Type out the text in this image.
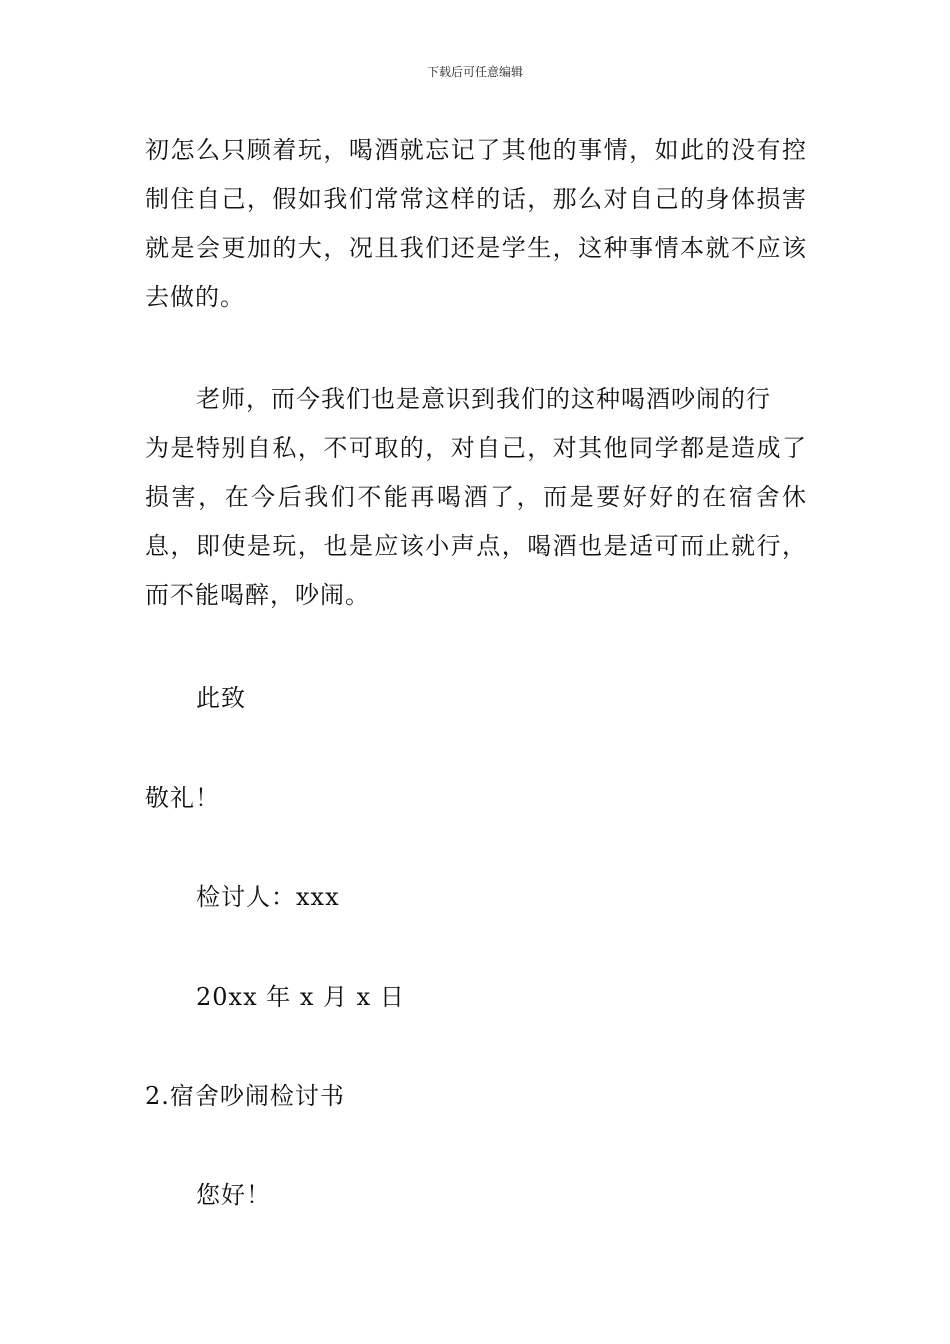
下载后可任意编辑

初怎么只顾着玩，喝酒就忘记了其他的事情，如此的没有控制住自己，假如我们常常这样的话，那么对自己的身体损害就是会更加的大，况且我们还是学生，这种事情本就不应该去做的。

老师，而今我们也是意识到我们的这种喝酒吵闹的行

为是特别自私，不可取的，对自己，对其他同学都是造成了损害，在今后我们不能再喝酒了，而是要好好的在宿舍休息，即使是玩，也是应该小声点，喝酒也是适可而止就行，而不能喝醉，吵闹。

此致

敬礼！

检讨人：xxx

20xx 年 x 月 x 日

2.宿舍吵闹检讨书

您好！
